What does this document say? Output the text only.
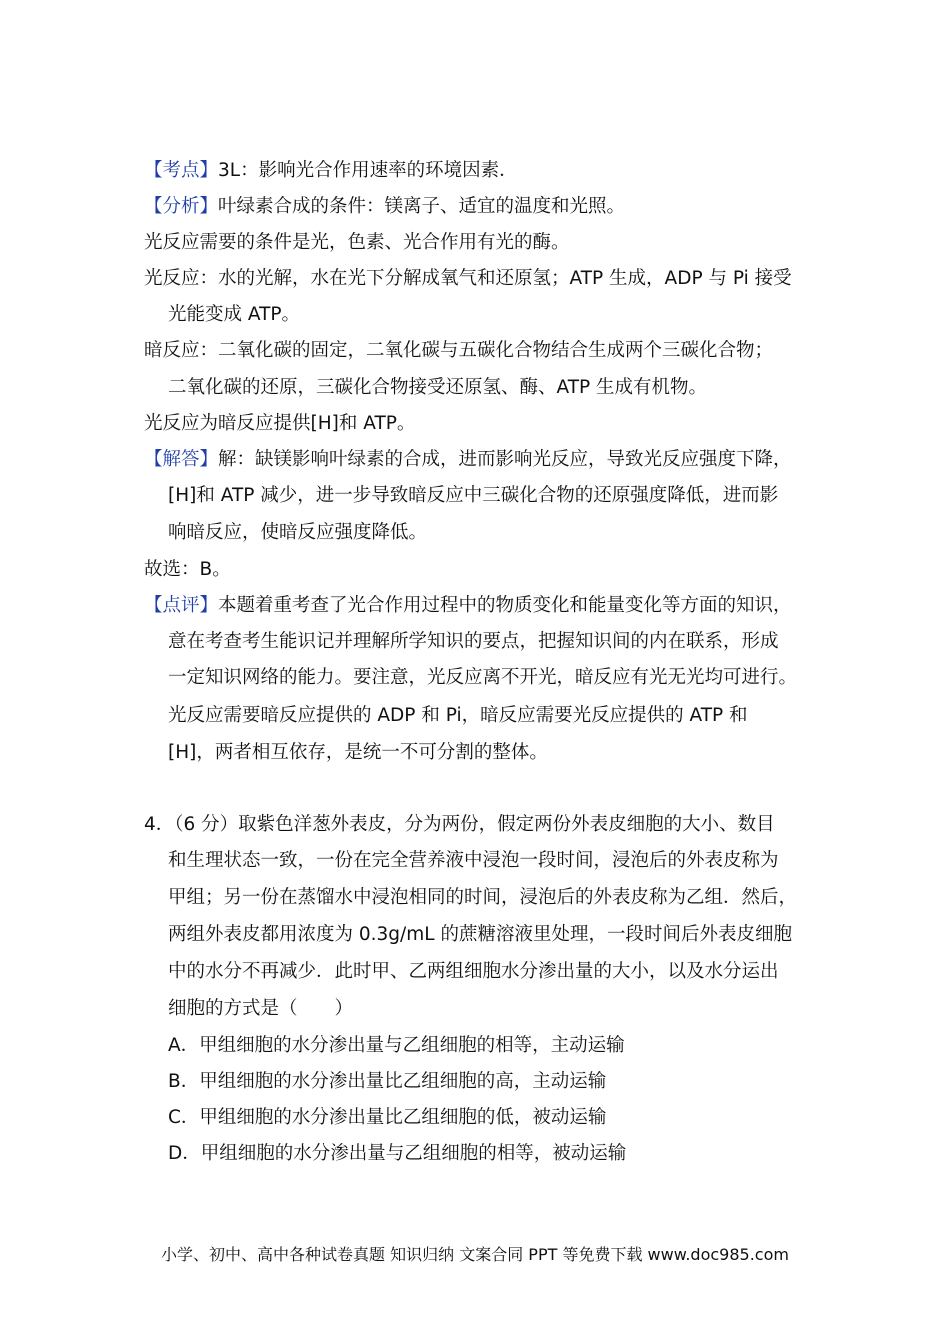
【考点】3L：影响光合作用速率的环境因素．
【分析】叶绿素合成的条件：镁离子、适宜的温度和光照。
光反应需要的条件是光，色素、光合作用有光的酶。
光反应：水的光解，水在光下分解成氧气和还原氢；ATP 生成，ADP 与 Pi 接受
光能变成 ATP。
暗反应：二氧化碳的固定，二氧化碳与五碳化合物结合生成两个三碳化合物；
二氧化碳的还原，三碳化合物接受还原氢、酶、ATP 生成有机物。
光反应为暗反应提供[H]和 ATP。
【解答】解：缺镁影响叶绿素的合成，进而影响光反应，导致光反应强度下降，
[H]和 ATP 减少，进一步导致暗反应中三碳化合物的还原强度降低，进而影
响暗反应，使暗反应强度降低。
故选：B。
【点评】本题着重考查了光合作用过程中的物质变化和能量变化等方面的知识，
意在考查考生能识记并理解所学知识的要点，把握知识间的内在联系，形成
一定知识网络的能力。要注意，光反应离不开光，暗反应有光无光均可进行。
光反应需要暗反应提供的 ADP 和 Pi，暗反应需要光反应提供的 ATP 和
[H]，两者相互依存，是统一不可分割的整体。
4．（6 分）取紫色洋葱外表皮，分为两份，假定两份外表皮细胞的大小、数目
和生理状态一致，一份在完全营养液中浸泡一段时间，浸泡后的外表皮称为
甲组；另一份在蒸馏水中浸泡相同的时间，浸泡后的外表皮称为乙组．然后，
两组外表皮都用浓度为 0.3g/mL 的蔗糖溶液里处理，一段时间后外表皮细胞
中的水分不再减少．此时甲、乙两组细胞水分渗出量的大小，以及水分运出
细胞的方式是（　　）
A．甲组细胞的水分渗出量与乙组细胞的相等，主动运输
B．甲组细胞的水分渗出量比乙组细胞的高，主动运输
C．甲组细胞的水分渗出量比乙组细胞的低，被动运输
D．甲组细胞的水分渗出量与乙组细胞的相等，被动运输
小学、初中、高中各种试卷真题 知识归纳 文案合同 PPT 等免费下载 www.doc985.com
